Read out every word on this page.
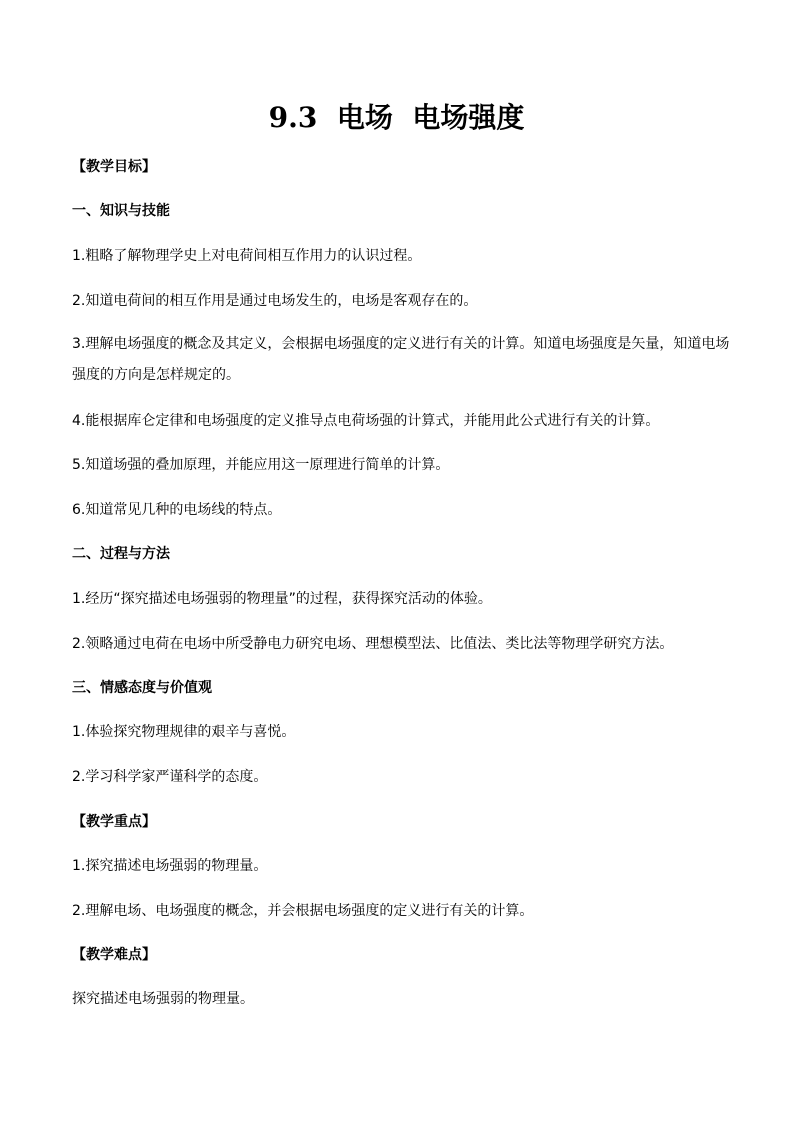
9.3  电场  电场强度
【教学目标】
一、知识与技能
1.粗略了解物理学史上对电荷间相互作用力的认识过程。
2.知道电荷间的相互作用是通过电场发生的，电场是客观存在的。
3.理解电场强度的概念及其定义，会根据电场强度的定义进行有关的计算。知道电场强度是矢量，知道电场强度的方向是怎样规定的。
4.能根据库仑定律和电场强度的定义推导点电荷场强的计算式，并能用此公式进行有关的计算。
5.知道场强的叠加原理，并能应用这一原理进行简单的计算。
6.知道常见几种的电场线的特点。
二、过程与方法
1.经历“探究描述电场强弱的物理量”的过程，获得探究活动的体验。
2.领略通过电荷在电场中所受静电力研究电场、理想模型法、比值法、类比法等物理学研究方法。
三、情感态度与价值观
1.体验探究物理规律的艰辛与喜悦。
2.学习科学家严谨科学的态度。
【教学重点】
1.探究描述电场强弱的物理量。
2.理解电场、电场强度的概念，并会根据电场强度的定义进行有关的计算。
【教学难点】
探究描述电场强弱的物理量。
